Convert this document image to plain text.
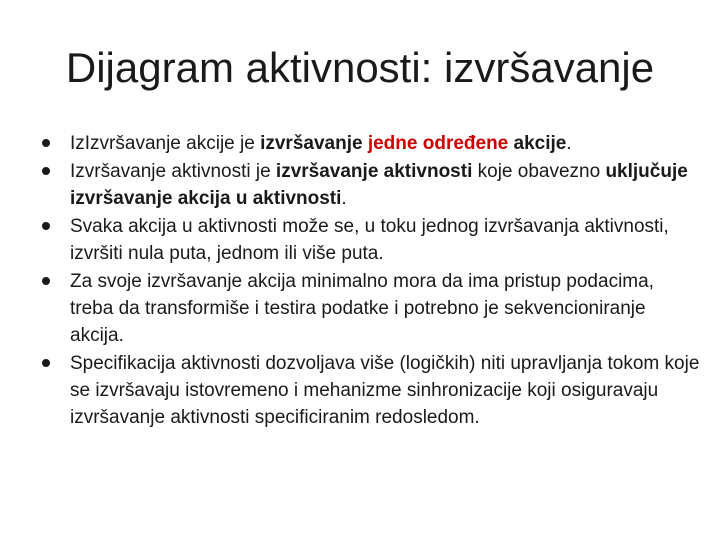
Dijagram aktivnosti: izvršavanje
IzIzvršavanje akcije je izvršavanje jedne određene akcije.
Izvršavanje aktivnosti je izvršavanje aktivnosti koje obavezno uključuje izvršavanje akcija u aktivnosti.
Svaka akcija u aktivnosti može se, u toku jednog izvršavanja aktivnosti, izvršiti nula puta, jednom ili više puta.
Za svoje izvršavanje akcija minimalno mora da ima pristup podacima, treba da transformiše i testira podatke i potrebno je sekvencioniranje akcija.
Specifikacija aktivnosti dozvoljava više (logičkih) niti upravljanja tokom koje se izvršavaju istovremeno i mehanizme sinhronizacije koji osiguravaju izvršavanje aktivnosti specificiranim redosledom.
